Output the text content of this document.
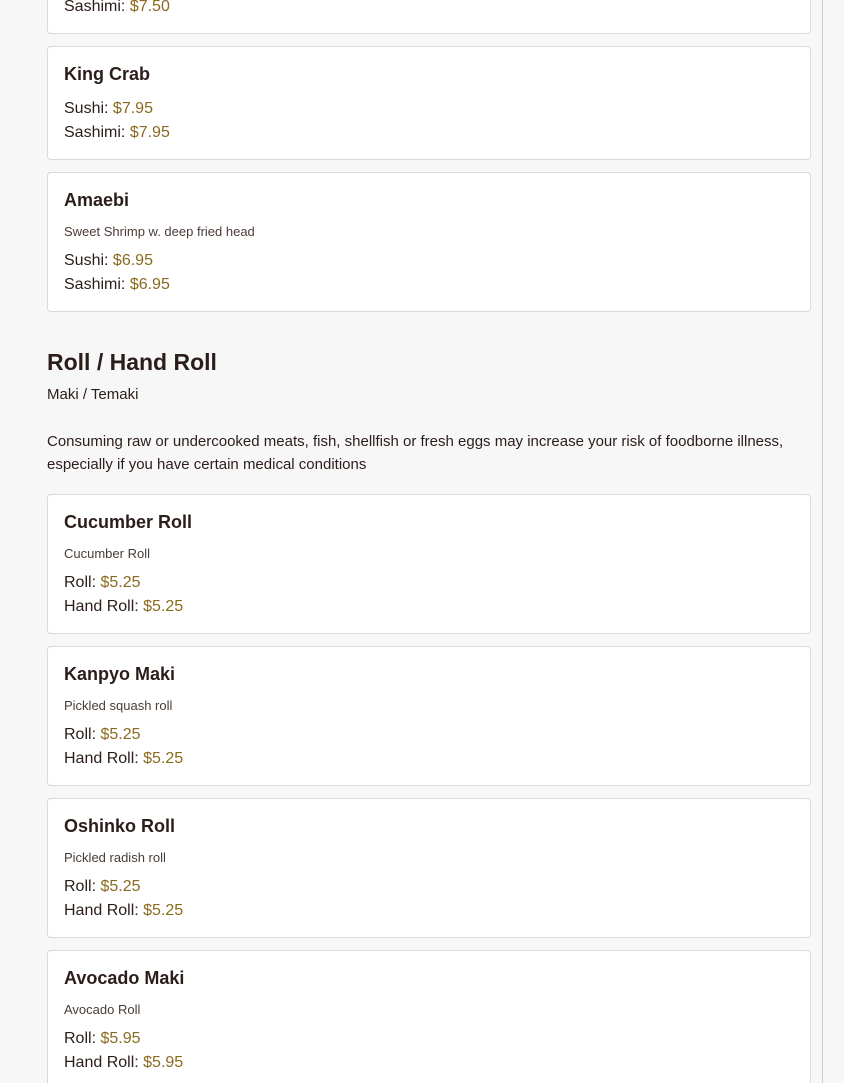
Sashimi: $7.50
King Crab
Sushi: $7.95
Sashimi: $7.95
Amaebi

Sweet Shrimp w. deep fried head

Sushi: $6.95
Sashimi: $6.95
Roll / Hand Roll

Maki / Temaki

Consuming raw or undercooked meats, fish, shellfish or fresh eggs may increase your risk of foodborne illness, especially if you have certain medical conditions

Cucumber Roll

Cucumber Roll

Roll: $5.25
Hand Roll: $5.25
Kanpyo Maki

Pickled squash roll

Roll: $5.25
Hand Roll: $5.25
Oshinko Roll

Pickled radish roll

Roll: $5.25
Hand Roll: $5.25
Avocado Maki

Avocado Roll

Roll: $5.95
Hand Roll: $5.95
